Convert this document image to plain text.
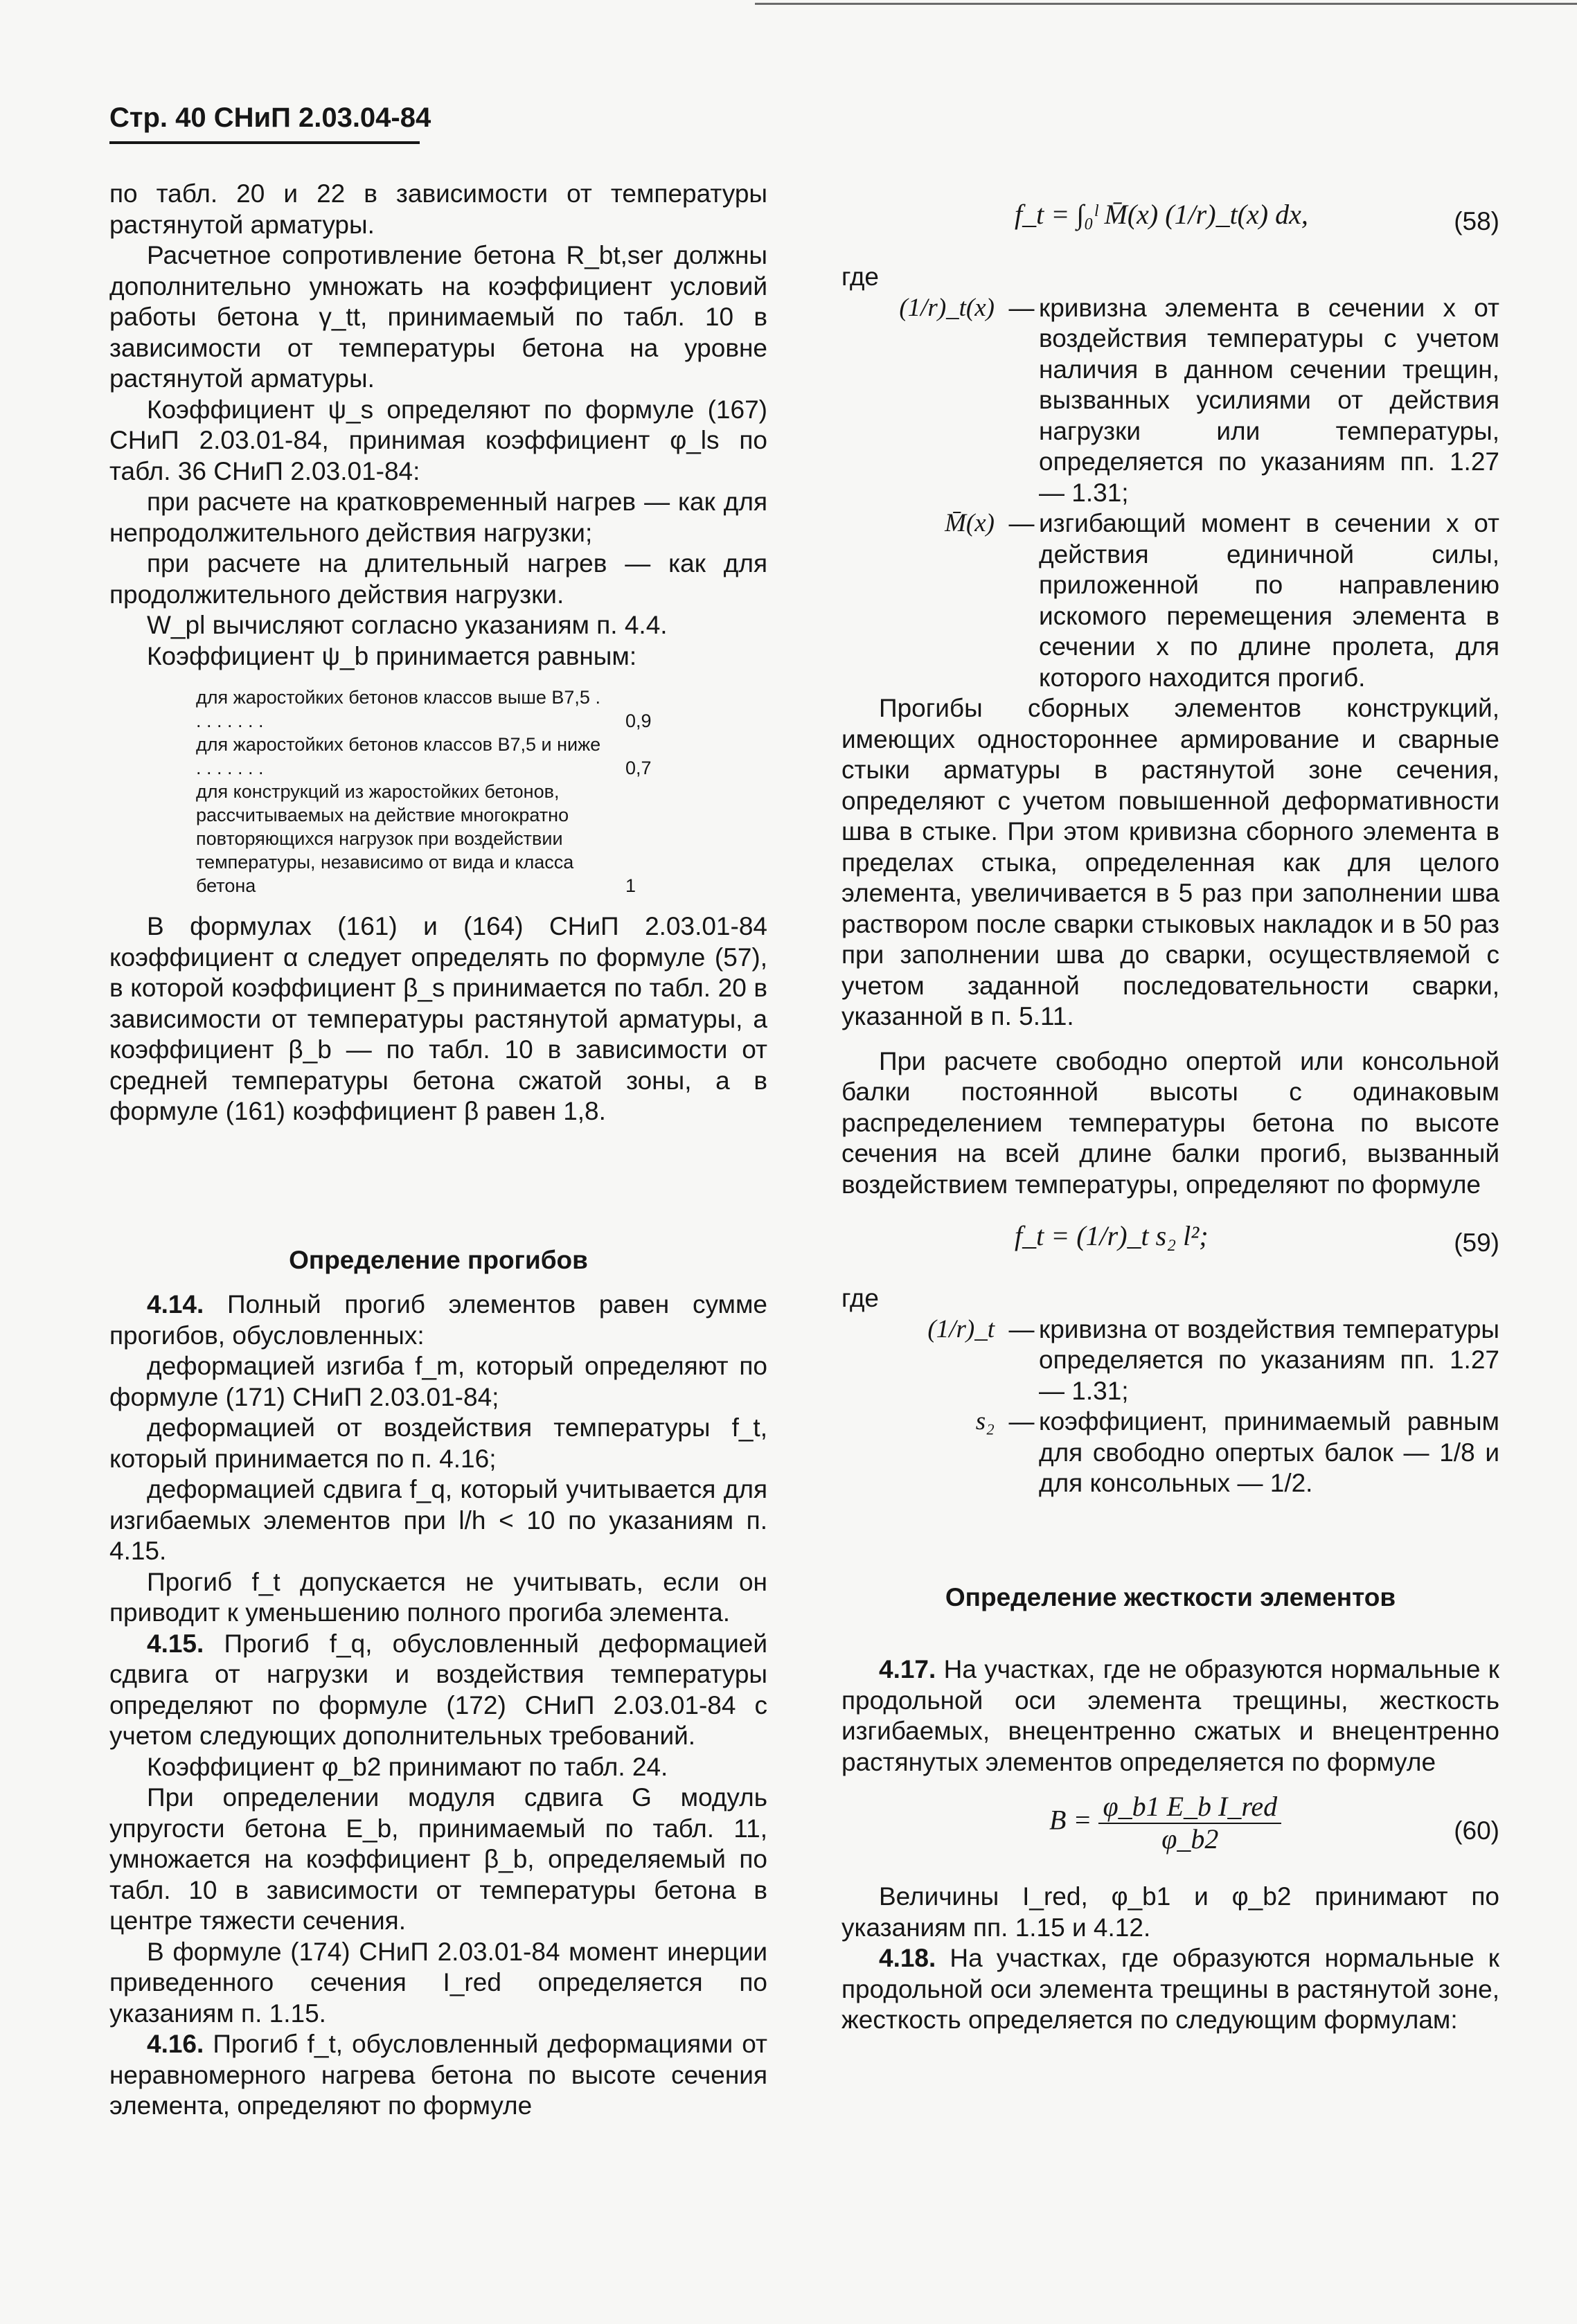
Стр. 40 СНиП 2.03.04-84

по табл. 20 и 22 в зависимости от температуры растянутой арматуры.

Расчетное сопротивление бетона R_bt,ser должны дополнительно умножать на коэффициент условий работы бетона γ_tt, принимаемый по табл. 10 в зависимости от температуры бетона на уровне растянутой арматуры.

Коэффициент ψ_s определяют по формуле (167) СНиП 2.03.01-84, принимая коэффициент φ_ls по табл. 36 СНиП 2.03.01-84:

при расчете на кратковременный нагрев — как для непродолжительного действия нагрузки;

при расчете на длительный нагрев — как для продолжительного действия нагрузки.

W_pl вычисляют согласно указаниям п. 4.4.

Коэффициент ψ_b принимается равным:

для жаростойких бетонов классов выше В7,5 . . . . . . . .	0,9
для жаростойких бетонов классов В7,5 и ниже . . . . . . .	0,7
для конструкций из жаростойких бетонов, рассчитываемых на действие многократно повторяющихся нагрузок при воздействии температуры, независимо от вида и класса бетона	1

В формулах (161) и (164) СНиП 2.03.01-84 коэффициент α следует определять по формуле (57), в которой коэффициент β_s принимается по табл. 20 в зависимости от температуры растянутой арматуры, а коэффициент β_b — по табл. 10 в зависимости от средней температуры бетона сжатой зоны, а в формуле (161) коэффициент β равен 1,8.

Определение прогибов

4.14. Полный прогиб элементов равен сумме прогибов, обусловленных:

деформацией изгиба f_m, который определяют по формуле (171) СНиП 2.03.01-84;

деформацией от воздействия температуры f_t, который принимается по п. 4.16;

деформацией сдвига f_q, который учитывается для изгибаемых элементов при l/h < 10 по указаниям п. 4.15.

Прогиб f_t допускается не учитывать, если он приводит к уменьшению полного прогиба элемента.

4.15. Прогиб f_q, обусловленный деформацией сдвига от нагрузки и воздействия температуры определяют по формуле (172) СНиП 2.03.01-84 с учетом следующих дополнительных требований.

Коэффициент φ_b2 принимают по табл. 24.

При определении модуля сдвига G модуль упругости бетона E_b, принимаемый по табл. 11, умножается на коэффициент β_b, определяемый по табл. 10 в зависимости от температуры бетона в центре тяжести сечения.

В формуле (174) СНиП 2.03.01-84 момент инерции приведенного сечения I_red определяется по указаниям п. 1.15.

4.16. Прогиб f_t, обусловленный деформациями от неравномерного нагрева бетона по высоте сечения элемента, определяют по формуле

f_t = ∫₀ˡ M̄(x) (1/r)_t(x) dx,	(58)

где

(1/r)_t(x) — кривизна элемента в сечении x от воздействия температуры с учетом наличия в данном сечении трещин, вызванных усилиями от действия нагрузки или температуры, определяется по указаниям пп. 1.27 — 1.31;

M̄(x) — изгибающий момент в сечении x от действия единичной силы, приложенной по направлению искомого перемещения элемента в сечении x по длине пролета, для которого находится прогиб.

Прогибы сборных элементов конструкций, имеющих одностороннее армирование и сварные стыки арматуры в растянутой зоне сечения, определяют с учетом повышенной деформативности шва в стыке. При этом кривизна сборного элемента в пределах стыка, определенная как для целого элемента, увеличивается в 5 раз при заполнении шва раствором после сварки стыковых накладок и в 50 раз при заполнении шва до сварки, осуществляемой с учетом заданной последовательности сварки, указанной в п. 5.11.

При расчете свободно опертой или консольной балки постоянной высоты с одинаковым распределением температуры бетона по высоте сечения на всей длине балки прогиб, вызванный воздействием температуры, определяют по формуле

f_t = (1/r)_t s₂ l²;	(59)
где
(1/r)_t — кривизна от воздействия температуры определяется по указаниям пп. 1.27 — 1.31;

s₂ — коэффициент, принимаемый равным для свободно опертых балок — 1/8 и для консольных — 1/2.

Определение жесткости элементов

4.17. На участках, где не образуются нормальные к продольной оси элемента трещины, жесткость изгибаемых, внецентренно сжатых и внецентренно растянутых элементов определяется по формуле

$B = \frac{\text{φ\_b1 E\_b I\_red}}{\varphi\_b2}$	(60)

Величины I_red, φ_b1 и φ_b2 принимают по указаниям пп. 1.15 и 4.12.

4.18. На участках, где образуются нормальные к продольной оси элемента трещины в растянутой зоне, жесткость определяется по следующим формулам:
